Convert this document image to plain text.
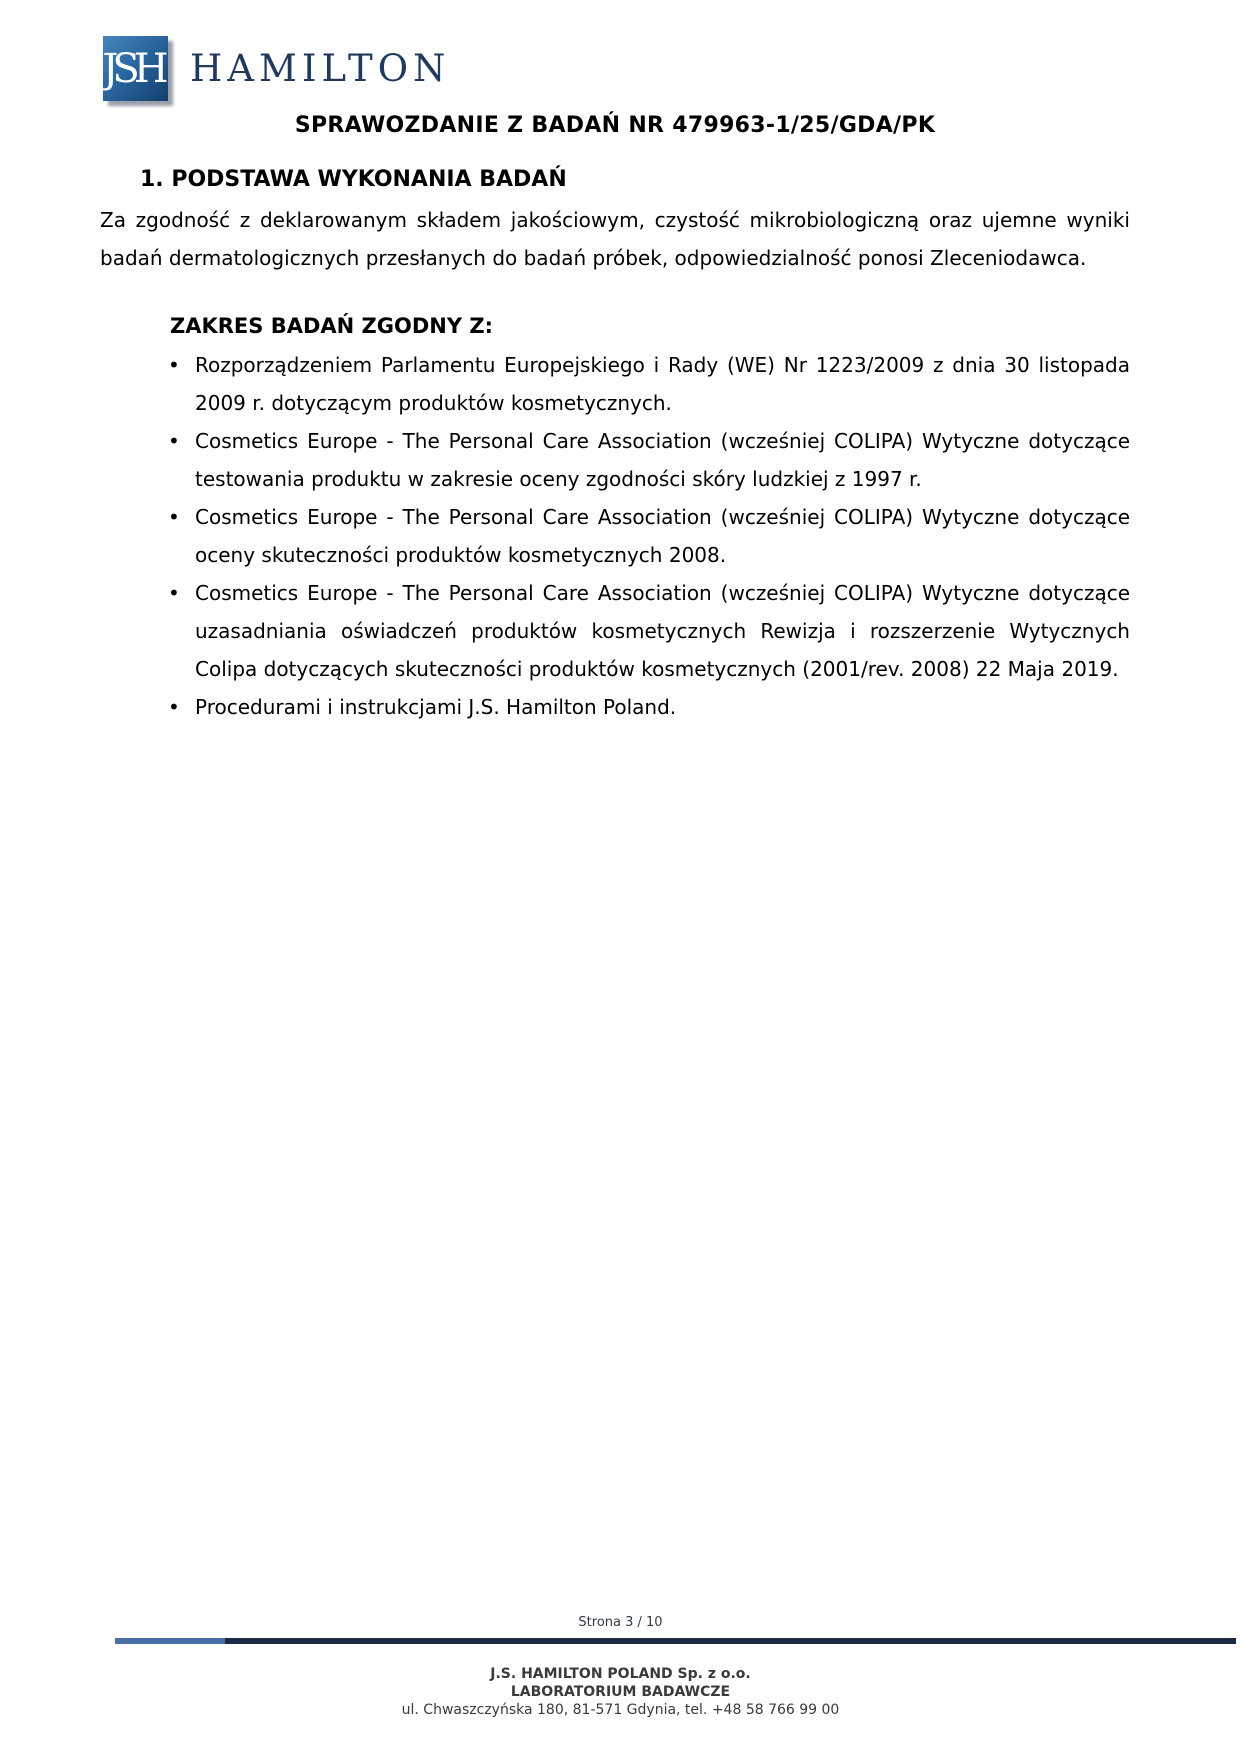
JSH HAMILTON
SPRAWOZDANIE Z BADAŃ NR 479963-1/25/GDA/PK
1. PODSTAWA WYKONANIA BADAŃ

Za zgodność z deklarowanym składem jakościowym, czystość mikrobiologiczną oraz ujemne wyniki badań dermatologicznych przesłanych do badań próbek, odpowiedzialność ponosi Zleceniodawca.

ZAKRES BADAŃ ZGODNY Z:
• Rozporządzeniem Parlamentu Europejskiego i Rady (WE) Nr 1223/2009 z dnia 30 listopada 2009 r. dotyczącym produktów kosmetycznych.
• Cosmetics Europe - The Personal Care Association (wcześniej COLIPA) Wytyczne dotyczące testowania produktu w zakresie oceny zgodności skóry ludzkiej z 1997 r.
• Cosmetics Europe - The Personal Care Association (wcześniej COLIPA) Wytyczne dotyczące oceny skuteczności produktów kosmetycznych 2008.
• Cosmetics Europe - The Personal Care Association (wcześniej COLIPA) Wytyczne dotyczące uzasadniania oświadczeń produktów kosmetycznych Rewizja i rozszerzenie Wytycznych Colipa dotyczących skuteczności produktów kosmetycznych (2001/rev. 2008) 22 Maja 2019.
• Procedurami i instrukcjami J.S. Hamilton Poland.
Strona 3 / 10
J.S. HAMILTON POLAND Sp. z o.o.
LABORATORIUM BADAWCZE
ul. Chwaszczyńska 180, 81-571 Gdynia, tel. +48 58 766 99 00
